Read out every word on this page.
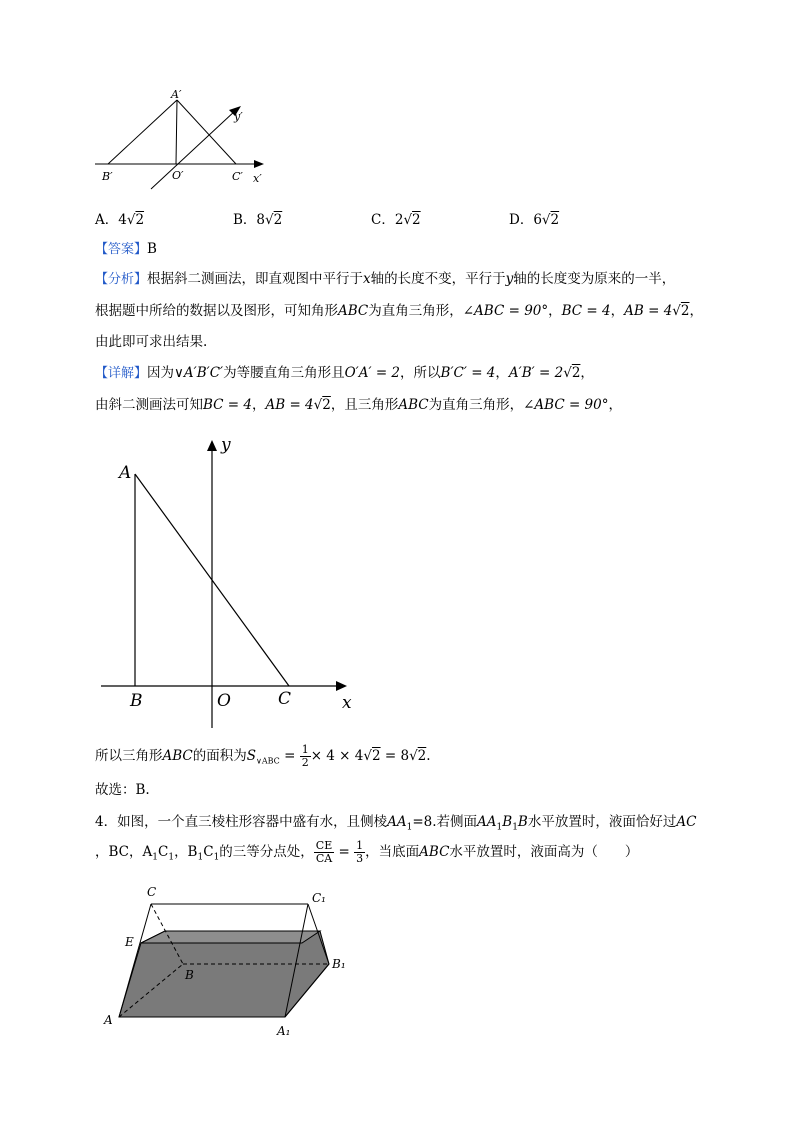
A′
y′
B′	O′	C′ x′
A．4√2	B．8√2	C．2√2	D．6√2
【答案】B
【分析】根据斜二测画法，即直观图中平行于x轴的长度不变，平行于y轴的长度变为原来的一半，
根据题中所给的数据以及图形，可知角形ABC为直角三角形，∠ABC = 90°，BC = 4，AB = 4√2，
由此即可求出结果.
【详解】因为∨A′B′C′为等腰直角三角形且O′A′ = 2，所以B′C′ = 4，A′B′ = 2√2，
由斜二测画法可知BC = 4，AB = 4√2，且三角形ABC为直角三角形，∠ABC = 90°，
A
y
B	O	C	x
所以三角形ABC的面积为$S_{\vee ABC} = \frac{1}{2} \times 4 \times 4√2 = 8√2$.
故选：B.
4．如图，一个直三棱柱形容器中盛有水，且侧棱$AA_1=8$.若侧面$AA_1B_1B$水平放置时，液面恰好过AC
，BC，$A_1C_1$，$B_1C_1$的三等分点处， $\frac{CE}{CA} = \frac{1}{3}$ ，当底面ABC水平放置时，液面高为（　　）
C	C₁
E
B
B₁
A
A₁
